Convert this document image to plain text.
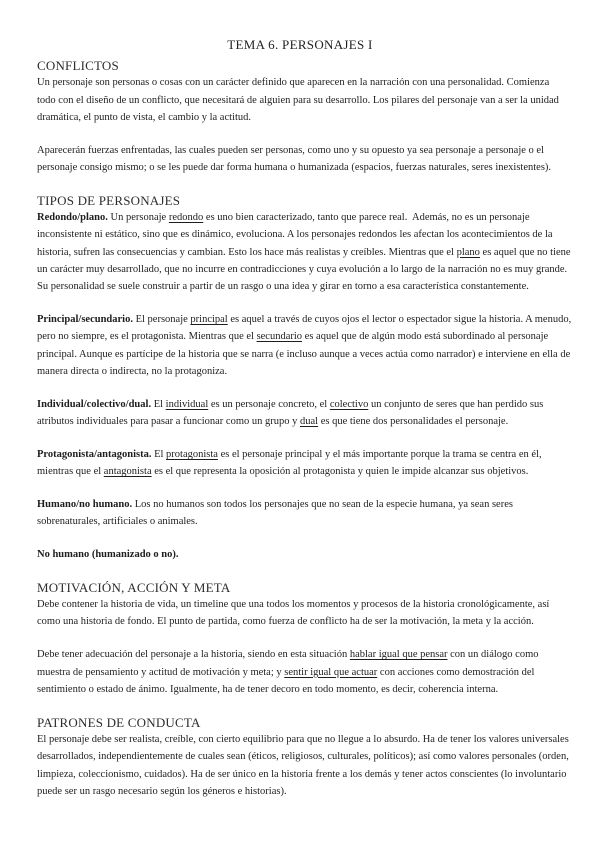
TEMA 6. PERSONAJES I
CONFLICTOS
Un personaje son personas o cosas con un carácter definido que aparecen en la narración con una personalidad. Comienza
todo con el diseño de un conflicto, que necesitará de alguien para su desarrollo. Los pilares del personaje van a ser la unidad
dramática, el punto de vista, el cambio y la actitud.
Aparecerán fuerzas enfrentadas, las cuales pueden ser personas, como uno y su opuesto ya sea personaje a personaje o el
personaje consigo mismo; o se les puede dar forma humana o humanizada (espacios, fuerzas naturales, seres inexistentes).
TIPOS DE PERSONAJES
Redondo/plano. Un personaje redondo es uno bien caracterizado, tanto que parece real.  Además, no es un personaje
inconsistente ni estático, sino que es dinámico, evoluciona. A los personajes redondos les afectan los acontecimientos de la
historia, sufren las consecuencias y cambian. Esto los hace más realistas y creíbles. Mientras que el plano es aquel que no tiene
un carácter muy desarrollado, que no incurre en contradicciones y cuya evolución a lo largo de la narración no es muy grande.
Su personalidad se suele construir a partir de un rasgo o una idea y girar en torno a esa característica constantemente.
Principal/secundario. El personaje principal es aquel a través de cuyos ojos el lector o espectador sigue la historia. A menudo,
pero no siempre, es el protagonista. Mientras que el secundario es aquel que de algún modo está subordinado al personaje
principal. Aunque es partícipe de la historia que se narra (e incluso aunque a veces actúa como narrador) e interviene en ella de
manera directa o indirecta, no la protagoniza.
Individual/colectivo/dual. El individual es un personaje concreto, el colectivo un conjunto de seres que han perdido sus
atributos individuales para pasar a funcionar como un grupo y dual es que tiene dos personalidades el personaje.
Protagonista/antagonista. El protagonista es el personaje principal y el más importante porque la trama se centra en él,
mientras que el antagonista es el que representa la oposición al protagonista y quien le impide alcanzar sus objetivos.
Humano/no humano. Los no humanos son todos los personajes que no sean de la especie humana, ya sean seres
sobrenaturales, artificiales o animales.
No humano (humanizado o no).
MOTIVACIÓN, ACCIÓN Y META
Debe contener la historia de vida, un timeline que una todos los momentos y procesos de la historia cronológicamente, así
como una historia de fondo. El punto de partida, como fuerza de conflicto ha de ser la motivación, la meta y la acción.
Debe tener adecuación del personaje a la historia, siendo en esta situación hablar igual que pensar con un diálogo como
muestra de pensamiento y actitud de motivación y meta; y sentir igual que actuar con acciones como demostración del
sentimiento o estado de ánimo. Igualmente, ha de tener decoro en todo momento, es decir, coherencia interna.
PATRONES DE CONDUCTA
El personaje debe ser realista, creíble, con cierto equilibrio para que no llegue a lo absurdo. Ha de tener los valores universales
desarrollados, independientemente de cuales sean (éticos, religiosos, culturales, políticos); así como valores personales (orden,
limpieza, coleccionismo, cuidados). Ha de ser único en la historia frente a los demás y tener actos conscientes (lo involuntario
puede ser un rasgo necesario según los géneros e historias).
